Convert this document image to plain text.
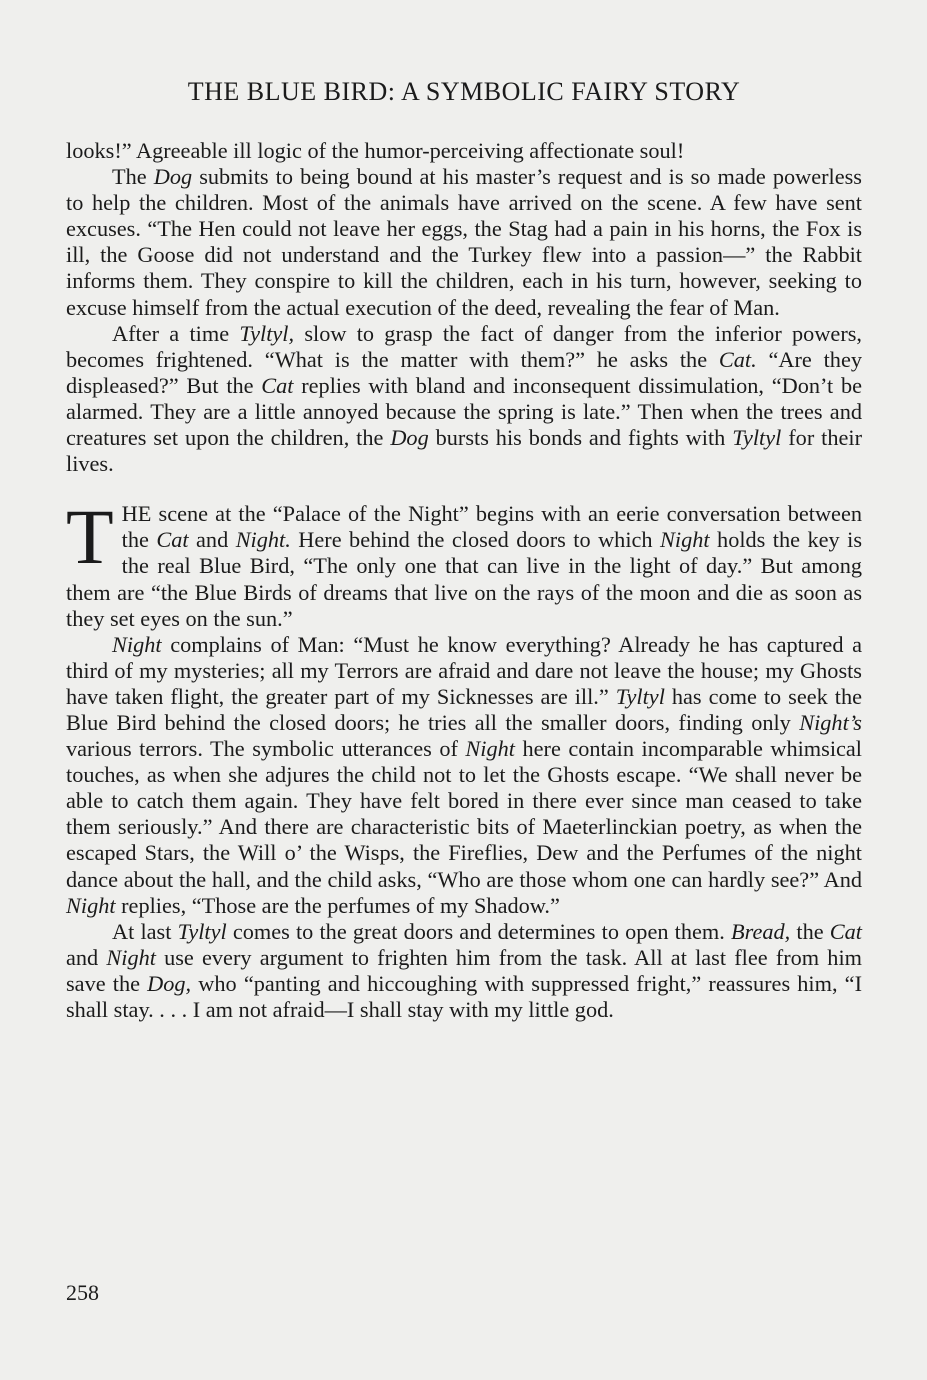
THE BLUE BIRD: A SYMBOLIC FAIRY STORY

looks!” Agreeable ill logic of the humor-perceiving affectionate soul!

The Dog submits to being bound at his master’s request and is so made powerless to help the children. Most of the animals have arrived on the scene. A few have sent excuses. “The Hen could not leave her eggs, the Stag had a pain in his horns, the Fox is ill, the Goose did not understand and the Turkey flew into a passion—” the Rabbit informs them. They conspire to kill the children, each in his turn, however, seeking to excuse himself from the actual execution of the deed, revealing the fear of Man.

After a time Tyltyl, slow to grasp the fact of danger from the inferior powers, becomes frightened. “What is the matter with them?” he asks the Cat. “Are they displeased?” But the Cat replies with bland and inconsequent dissimulation, “Don’t be alarmed. They are a little annoyed because the spring is late.” Then when the trees and creatures set upon the children, the Dog bursts his bonds and fights with Tyltyl for their lives.

THE scene at the “Palace of the Night” begins with an eerie conversation between the Cat and Night. Here behind the closed doors to which Night holds the key is the real Blue Bird, “The only one that can live in the light of day.” But among them are “the Blue Birds of dreams that live on the rays of the moon and die as soon as they set eyes on the sun.”

Night complains of Man: “Must he know everything? Already he has captured a third of my mysteries; all my Terrors are afraid and dare not leave the house; my Ghosts have taken flight, the greater part of my Sicknesses are ill.” Tyltyl has come to seek the Blue Bird behind the closed doors; he tries all the smaller doors, finding only Night’s various terrors. The symbolic utterances of Night here contain incomparable whimsical touches, as when she adjures the child not to let the Ghosts escape. “We shall never be able to catch them again. They have felt bored in there ever since man ceased to take them seriously.” And there are characteristic bits of Maeterlinckian poetry, as when the escaped Stars, the Will o’ the Wisps, the Fireflies, Dew and the Perfumes of the night dance about the hall, and the child asks, “Who are those whom one can hardly see?” And Night replies, “Those are the perfumes of my Shadow.”

At last Tyltyl comes to the great doors and determines to open them. Bread, the Cat and Night use every argument to frighten him from the task. All at last flee from him save the Dog, who “panting and hiccoughing with suppressed fright,” reassures him, “I shall stay. . . . I am not afraid—I shall stay with my little god.

258
